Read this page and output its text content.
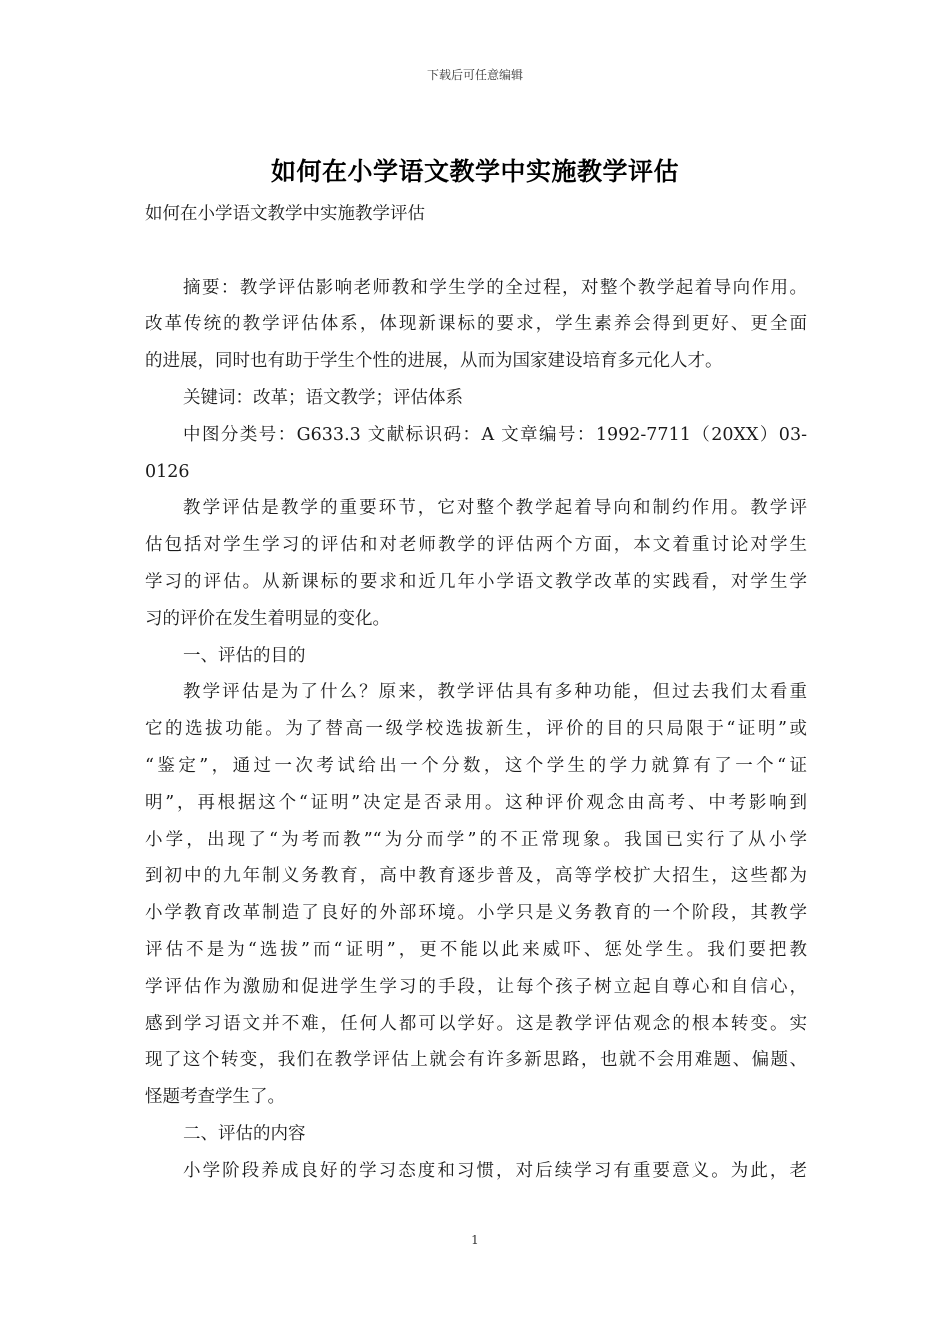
下载后可任意编辑
如何在小学语文教学中实施教学评估
如何在小学语文教学中实施教学评估
摘要：教学评估影响老师教和学生学的全过程，对整个教学起着导向作用。
改革传统的教学评估体系，体现新课标的要求，学生素养会得到更好、更全面
的进展，同时也有助于学生个性的进展，从而为国家建设培育多元化人才。
关键词：改革；语文教学；评估体系
中图分类号：G633.3 文献标识码：A 文章编号：1992-7711（20XX）03-
0126
教学评估是教学的重要环节，它对整个教学起着导向和制约作用。教学评
估包括对学生学习的评估和对老师教学的评估两个方面，本文着重讨论对学生
学习的评估。从新课标的要求和近几年小学语文教学改革的实践看，对学生学
习的评价在发生着明显的变化。
一、评估的目的
教学评估是为了什么？原来，教学评估具有多种功能，但过去我们太看重
它的选拔功能。为了替高一级学校选拔新生，评价的目的只局限于“证明”或
“鉴定”，通过一次考试给出一个分数，这个学生的学力就算有了一个“证
明”，再根据这个“证明”决定是否录用。这种评价观念由高考、中考影响到
小学，出现了“为考而教”“为分而学”的不正常现象。我国已实行了从小学
到初中的九年制义务教育，高中教育逐步普及，高等学校扩大招生，这些都为
小学教育改革制造了良好的外部环境。小学只是义务教育的一个阶段，其教学
评估不是为“选拔”而“证明”，更不能以此来威吓、惩处学生。我们要把教
学评估作为激励和促进学生学习的手段，让每个孩子树立起自尊心和自信心，
感到学习语文并不难，任何人都可以学好。这是教学评估观念的根本转变。实
现了这个转变，我们在教学评估上就会有许多新思路，也就不会用难题、偏题、
怪题考查学生了。
二、评估的内容
小学阶段养成良好的学习态度和习惯，对后续学习有重要意义。为此，老
1
